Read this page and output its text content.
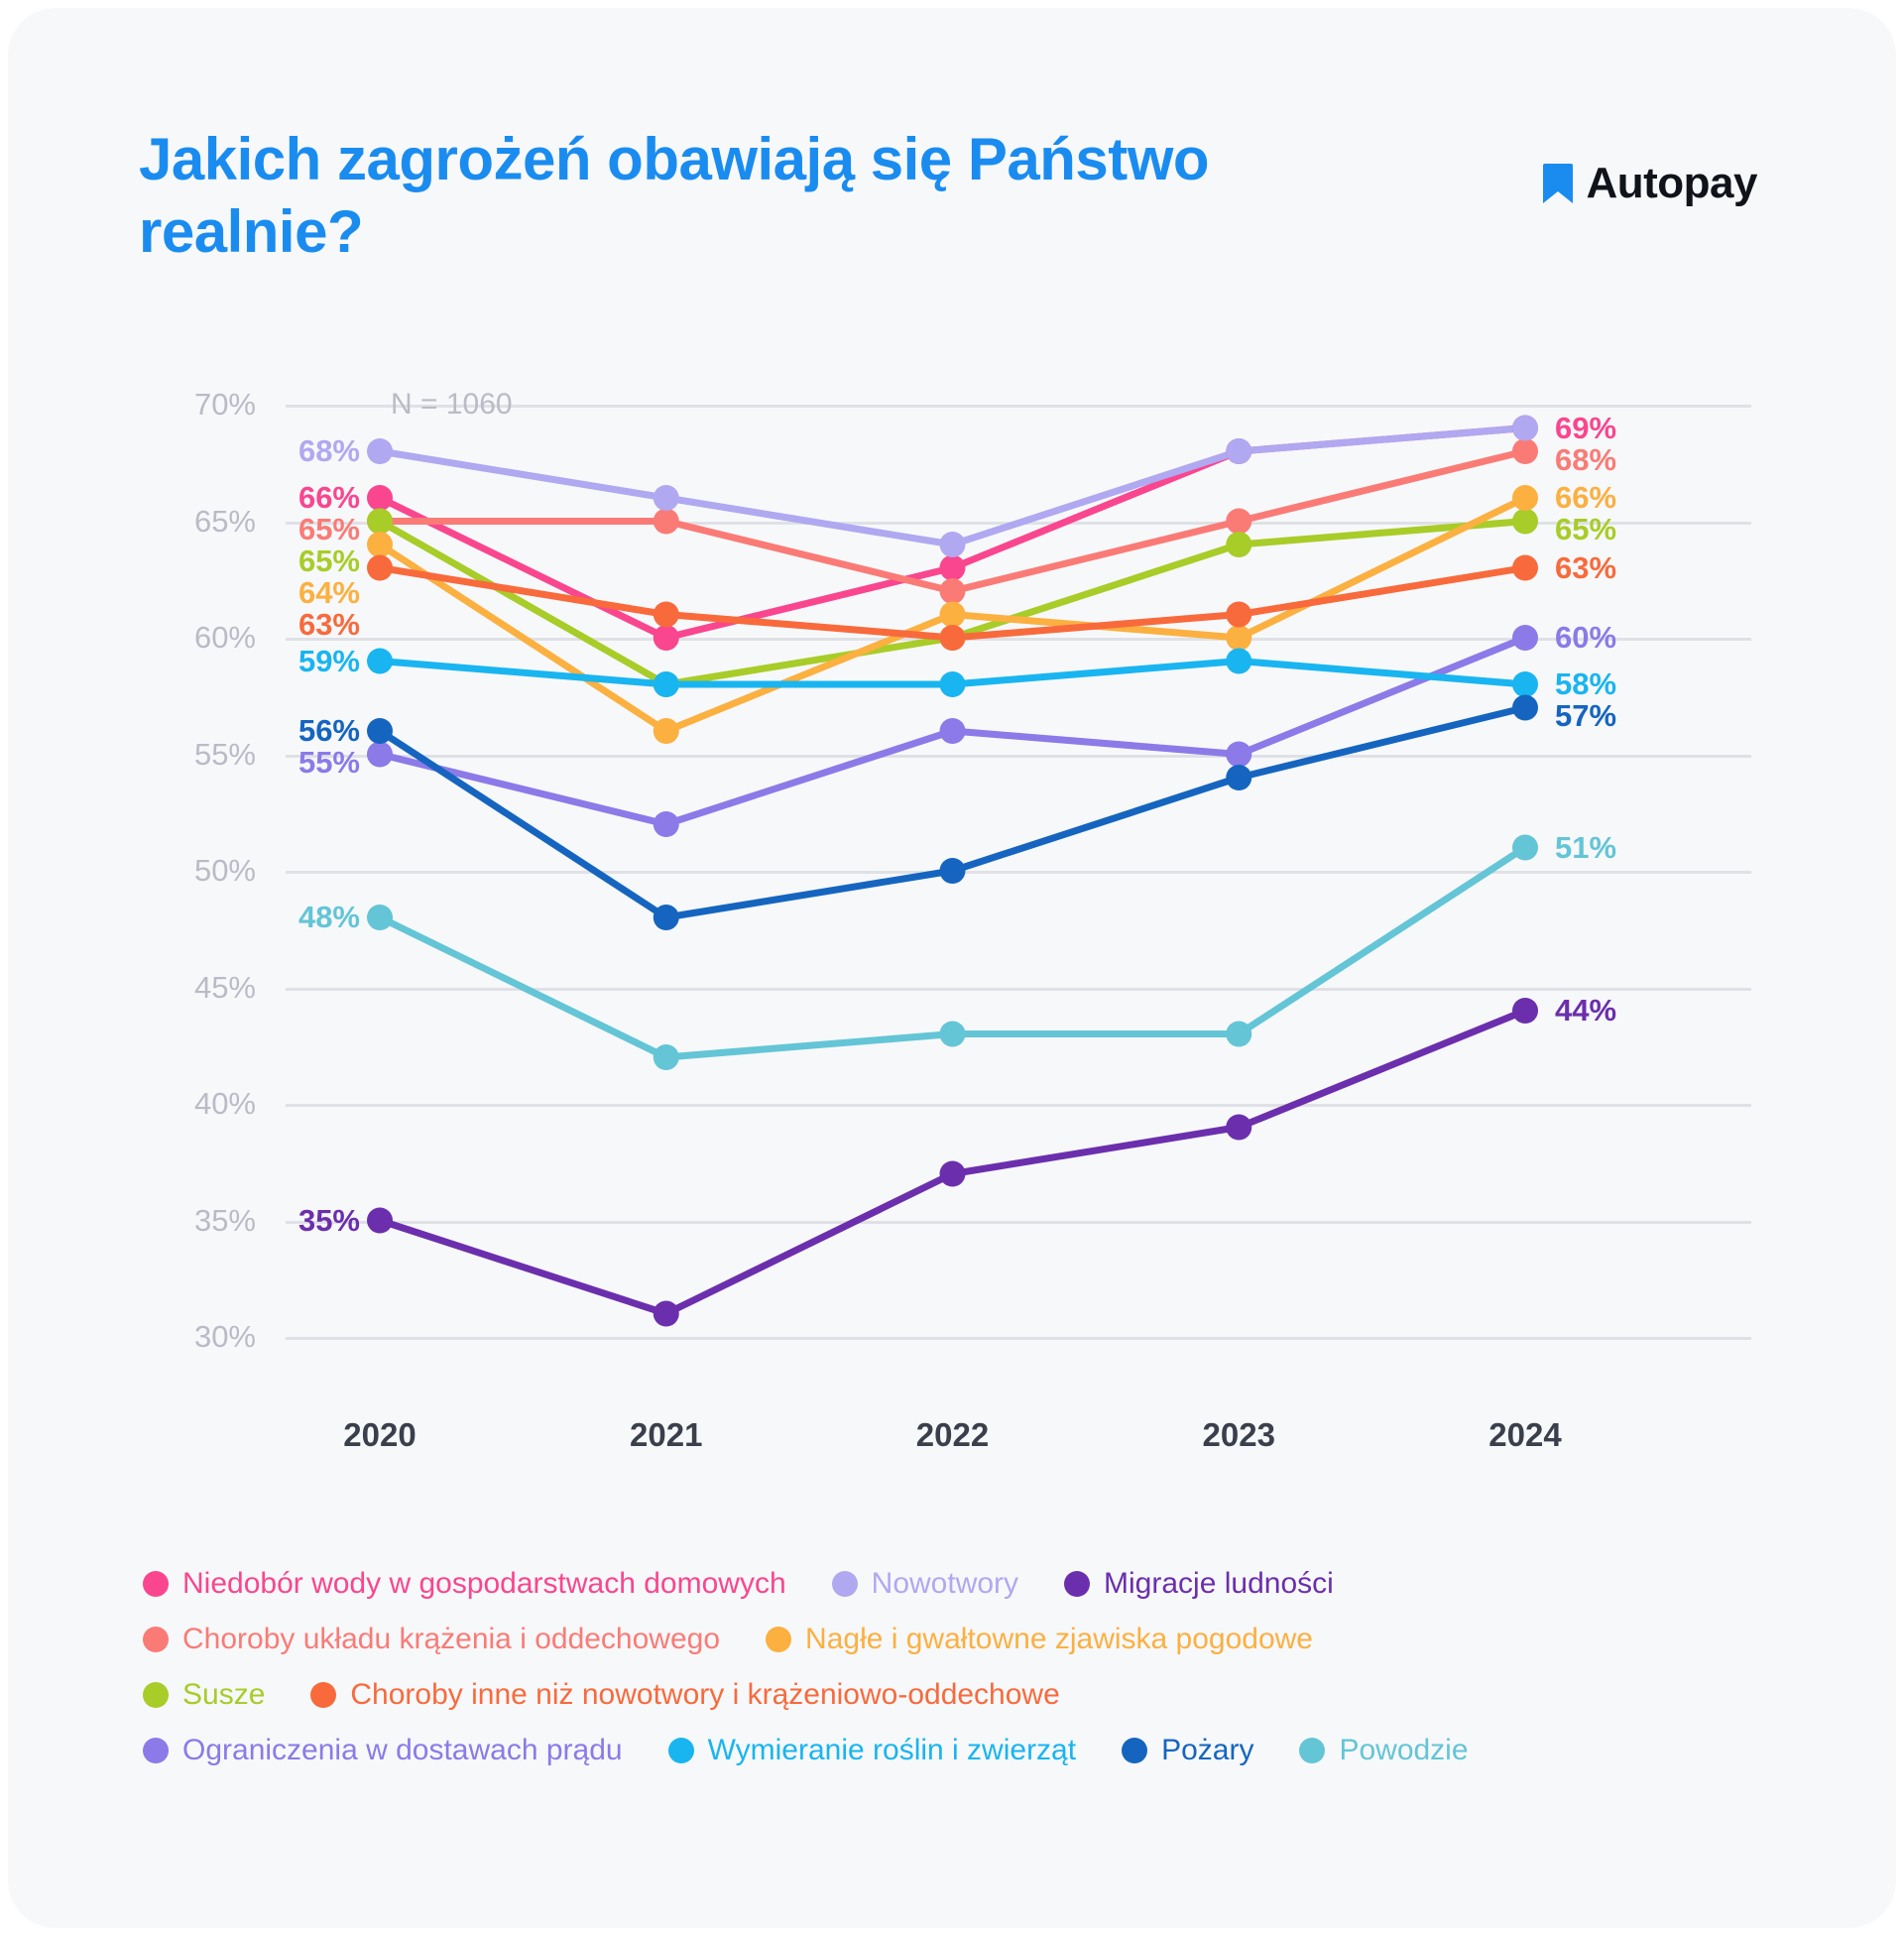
Jakich zagrożeń obawiają się Państwo realnie?
Autopay
30%
35%
40%
45%
50%
55%
60%
65%
70%	N = 1060
66%
69%
65%
68%
65%
65%
55%
60%
68%
64%
66%
63%
63%
59%
58%
56%	57%
48%
51%
35%
44%
2020	2021	2022	2023	2024
Niedobór wody w gospodarstwach domowych	Nowotwory	Migracje ludności
Choroby układu krążenia i oddechowego	Nagłe i gwałtowne zjawiska pogodowe
Susze	Choroby inne niż nowotwory i krążeniowo-oddechowe
Ograniczenia w dostawach prądu	Wymieranie roślin i zwierząt	Pożary	Powodzie
